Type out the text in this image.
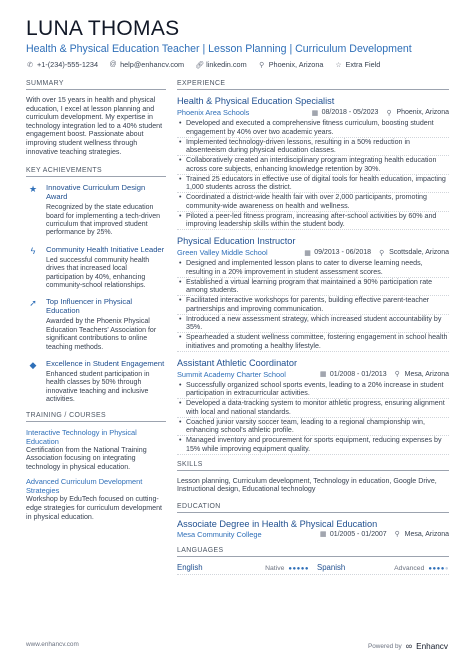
LUNA THOMAS
Health & Physical Education Teacher | Lesson Planning | Curriculum Development
✆ +1-(234)-555-1234 @ help@enhancv.com 🔗︎ linkedin.com ⚲ Phoenix, Arizona ☆ Extra Field
SUMMARY
With over 15 years in health and physical education, I excel at lesson planning and curriculum development. My expertise in technology integration led to a 40% student engagement boost. Passionate about improving student wellness through innovative teaching strategies.
KEY ACHIEVEMENTS
★	Innovative Curriculum Design Award
Recognized by the state education board for implementing a tech-driven curriculum that improved student performance by 25%.
ϟ	Community Health Initiative Leader
Led successful community health drives that increased local participation by 40%, enhancing community-school relationships.
➚	Top Influencer in Physical Education
Awarded by the Phoenix Physical Education Teachers' Association for significant contributions to online teaching methods.
◆	Excellence in Student Engagement
Enhanced student participation in health classes by 50% through innovative teaching and inclusive activities.
TRAINING / COURSES
Interactive Technology in Physical Education
Certification from the National Training Association focusing on integrating technology in physical education.
Advanced Curriculum Development Strategies
Workshop by EduTech focused on cutting-edge strategies for curriculum development in physical education.
EXPERIENCE
Health & Physical Education Specialist
Phoenix Area Schools	▦ 08/2018 - 05/2023 ⚲ Phoenix, Arizona
• Developed and executed a comprehensive fitness curriculum, boosting student engagement by 40% over two academic years.
• Implemented technology-driven lessons, resulting in a 50% reduction in absenteeism during physical education classes.
• Collaboratively created an interdisciplinary program integrating health education across core subjects, enhancing knowledge retention by 30%.
• Trained 25 educators in effective use of digital tools for health education, impacting 1,000 students across the district.
• Coordinated a district-wide health fair with over 2,000 participants, promoting community-wide awareness on health and wellness.
• Piloted a peer-led fitness program, increasing after-school activities by 60% and improving leadership skills within the student body.
Physical Education Instructor
Green Valley Middle School	▦ 09/2013 - 06/2018 ⚲ Scottsdale, Arizona
• Designed and implemented lesson plans to cater to diverse learning needs, resulting in a 20% improvement in student assessment scores.
• Established a virtual learning program that maintained a 90% participation rate among students.
• Facilitated interactive workshops for parents, building effective parent-teacher partnerships and improving communication.
• Introduced a new assessment strategy, which increased student accountability by 35%.
• Spearheaded a student wellness committee, fostering engagement in school health initiatives and promoting a healthy lifestyle.
Assistant Athletic Coordinator
Summit Academy Charter School	▦ 01/2008 - 01/2013 ⚲ Mesa, Arizona
• Successfully organized school sports events, leading to a 20% increase in student participation in extracurricular activities.
• Developed a data-tracking system to monitor athletic progress, ensuring alignment with local and national standards.
• Coached junior varsity soccer team, leading to a regional championship win, enhancing school's athletic profile.
• Managed inventory and procurement for sports equipment, reducing expenses by 15% while improving equipment quality.
SKILLS
Lesson planning, Curriculum development, Technology in education, Google Drive, Instructional design, Educational technology
EDUCATION
Associate Degree in Health & Physical Education
Mesa Community College	▦ 01/2005 - 01/2007 ⚲ Mesa, Arizona
LANGUAGES
English	Native ●●●●● Spanish	Advanced ●●●●●
www.enhancv.com	Powered by ∞ Enhancv
